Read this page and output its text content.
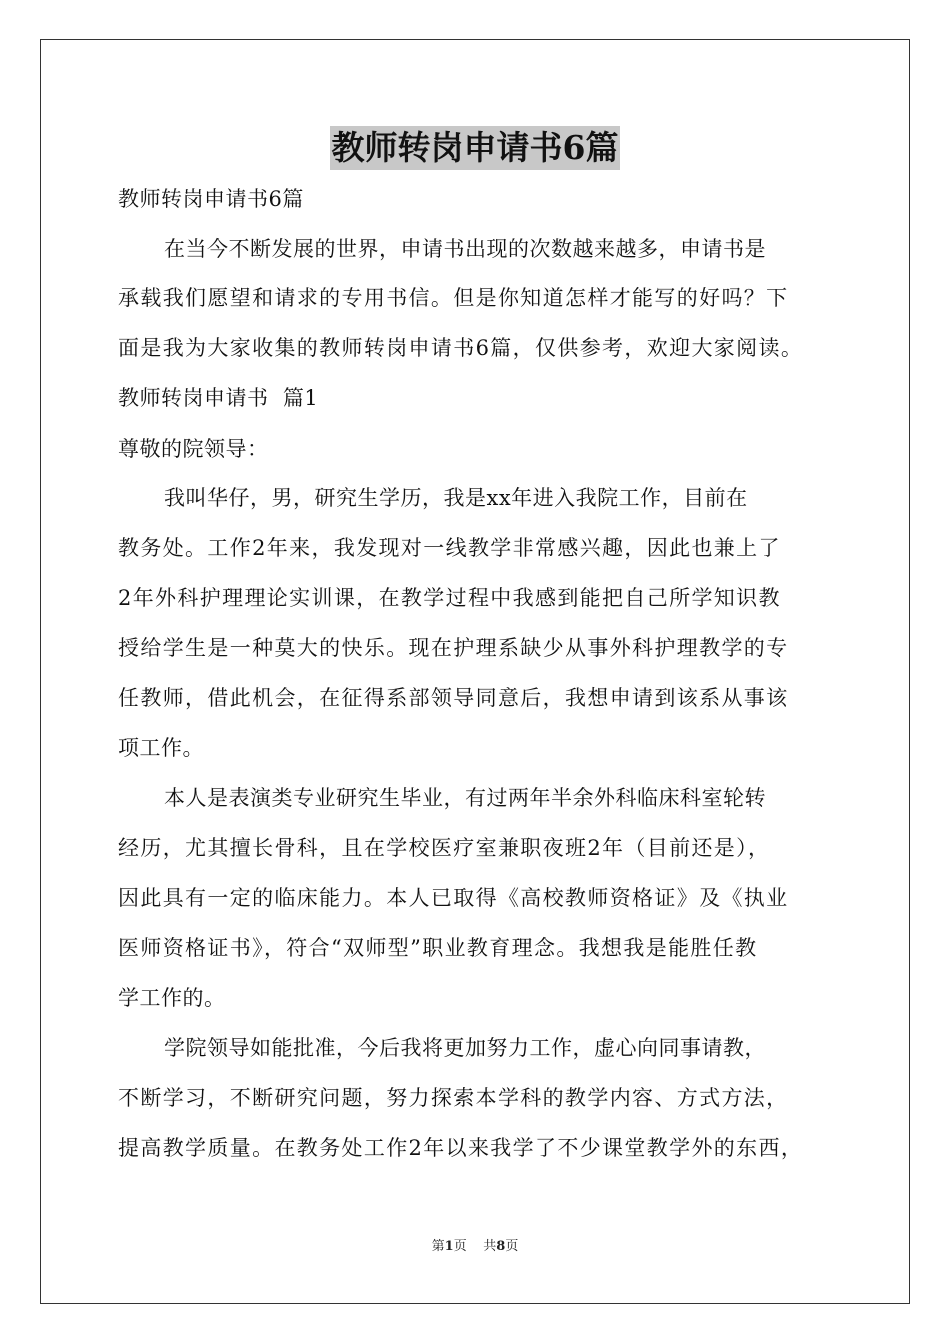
教师转岗申请书6篇
教师转岗申请书6篇
在当今不断发展的世界，申请书出现的次数越来越多，申请书是
承载我们愿望和请求的专用书信。但是你知道怎样才能写的好吗？下
面是我为大家收集的教师转岗申请书6篇，仅供参考，欢迎大家阅读。
教师转岗申请书  篇1
尊敬的院领导：
我叫华仔，男，研究生学历，我是xx年进入我院工作，目前在
教务处。工作2年来，我发现对一线教学非常感兴趣，因此也兼上了
2年外科护理理论实训课，在教学过程中我感到能把自己所学知识教
授给学生是一种莫大的快乐。现在护理系缺少从事外科护理教学的专
任教师，借此机会，在征得系部领导同意后，我想申请到该系从事该
项工作。
本人是表演类专业研究生毕业，有过两年半余外科临床科室轮转
经历，尤其擅长骨科，且在学校医疗室兼职夜班2年（目前还是），
因此具有一定的临床能力。本人已取得《高校教师资格证》及《执业
医师资格证书》，符合“双师型”职业教育理念。我想我是能胜任教
学工作的。
学院领导如能批准，今后我将更加努力工作，虚心向同事请教，
不断学习，不断研究问题，努力探索本学科的教学内容、方式方法，
提高教学质量。在教务处工作2年以来我学了不少课堂教学外的东西，
第1页 共8页
